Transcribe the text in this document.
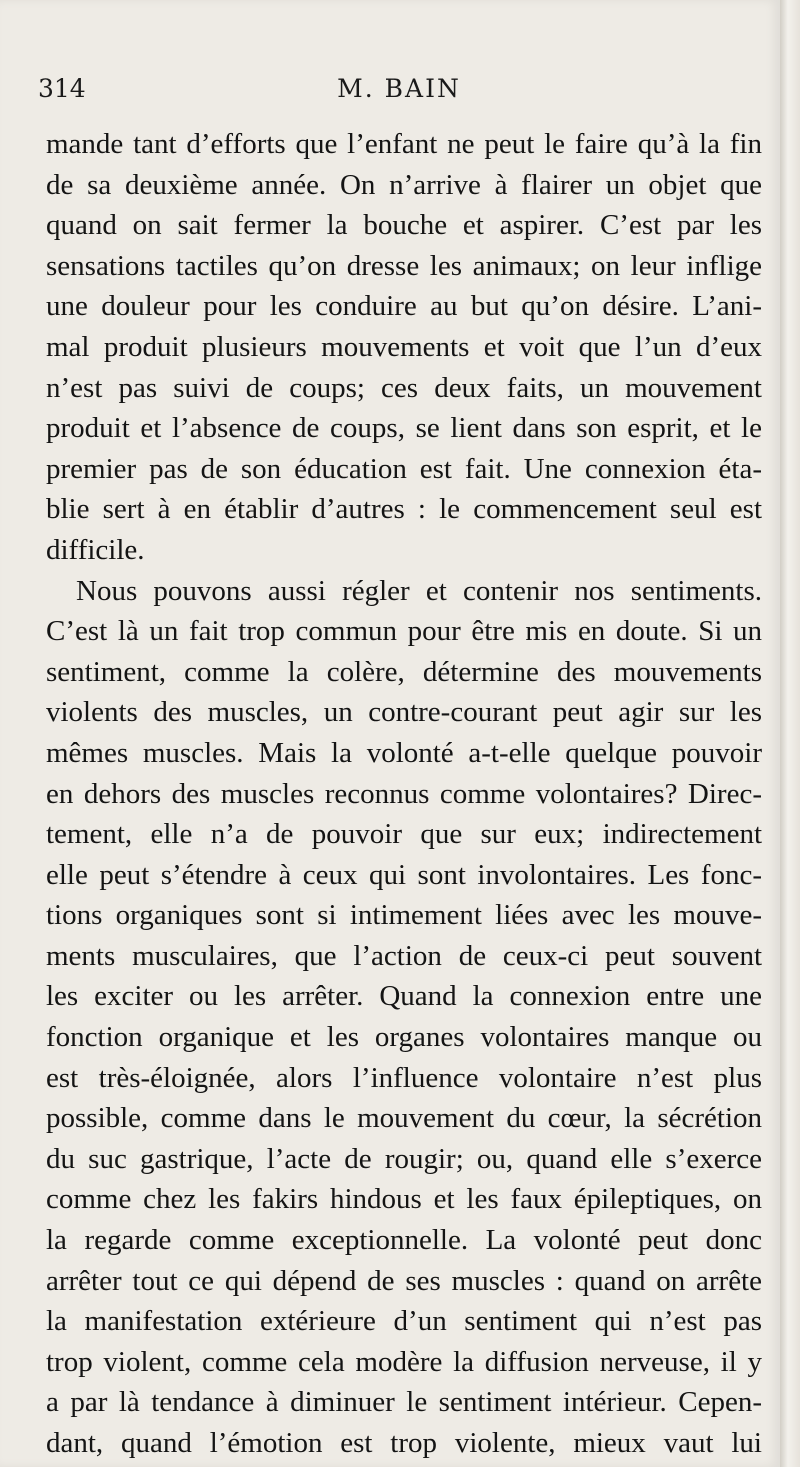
314	M. BAIN
mande tant d’efforts que l’enfant ne peut le faire qu’à la fin
de sa deuxième année. On n’arrive à flairer un objet que
quand on sait fermer la bouche et aspirer. C’est par les
sensations tactiles qu’on dresse les animaux; on leur inflige
une douleur pour les conduire au but qu’on désire. L’ani-
mal produit plusieurs mouvements et voit que l’un d’eux
n’est pas suivi de coups; ces deux faits, un mouvement
produit et l’absence de coups, se lient dans son esprit, et le
premier pas de son éducation est fait. Une connexion éta-
blie sert à en établir d’autres : le commencement seul est
difficile.
Nous pouvons aussi régler et contenir nos sentiments.
C’est là un fait trop commun pour être mis en doute. Si un
sentiment, comme la colère, détermine des mouvements
violents des muscles, un contre-courant peut agir sur les
mêmes muscles. Mais la volonté a-t-elle quelque pouvoir
en dehors des muscles reconnus comme volontaires? Direc-
tement, elle n’a de pouvoir que sur eux; indirectement
elle peut s’étendre à ceux qui sont involontaires. Les fonc-
tions organiques sont si intimement liées avec les mouve-
ments musculaires, que l’action de ceux-ci peut souvent
les exciter ou les arrêter. Quand la connexion entre une
fonction organique et les organes volontaires manque ou
est très-éloignée, alors l’influence volontaire n’est plus
possible, comme dans le mouvement du cœur, la sécrétion
du suc gastrique, l’acte de rougir; ou, quand elle s’exerce
comme chez les fakirs hindous et les faux épileptiques, on
la regarde comme exceptionnelle. La volonté peut donc
arrêter tout ce qui dépend de ses muscles : quand on arrête
la manifestation extérieure d’un sentiment qui n’est pas
trop violent, comme cela modère la diffusion nerveuse, il y
a par là tendance à diminuer le sentiment intérieur. Cepen-
dant, quand l’émotion est trop violente, mieux vaut lui
